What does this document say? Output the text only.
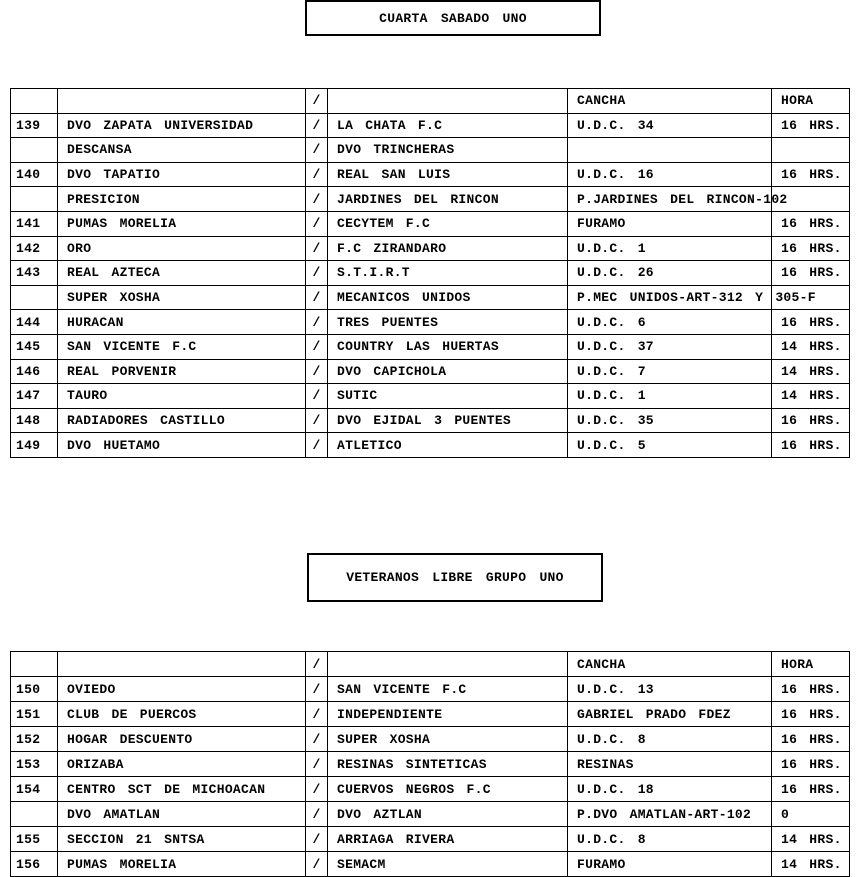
CUARTA SABADO UNO
		/		CANCHA	HORA
139	DVO ZAPATA UNIVERSIDAD	/	LA CHATA F.C	U.D.C. 34	16 HRS.
	DESCANSA	/	DVO TRINCHERAS		
140	DVO TAPATIO	/	REAL SAN LUIS	U.D.C. 16	16 HRS.
	PRESICION	/	JARDINES DEL RINCON	P.JARDINES DEL RINCON-102	
141	PUMAS MORELIA	/	CECYTEM F.C	FURAMO	16 HRS.
142	ORO	/	F.C ZIRANDARO	U.D.C. 1	16 HRS.
143	REAL AZTECA	/	S.T.I.R.T	U.D.C. 26	16 HRS.
	SUPER XOSHA	/	MECANICOS UNIDOS	P.MEC UNIDOS-ART-312 Y 305-F	
144	HURACAN	/	TRES PUENTES	U.D.C. 6	16 HRS.
145	SAN VICENTE F.C	/	COUNTRY LAS HUERTAS	U.D.C. 37	14 HRS.
146	REAL PORVENIR	/	DVO CAPICHOLA	U.D.C. 7	14 HRS.
147	TAURO	/	SUTIC	U.D.C. 1	14 HRS.
148	RADIADORES CASTILLO	/	DVO EJIDAL 3 PUENTES	U.D.C. 35	16 HRS.
149	DVO HUETAMO	/	ATLETICO	U.D.C. 5	16 HRS.
VETERANOS LIBRE GRUPO UNO
		/		CANCHA	HORA
150	OVIEDO	/	SAN VICENTE F.C	U.D.C. 13	16 HRS.
151	CLUB DE PUERCOS	/	INDEPENDIENTE	GABRIEL PRADO FDEZ	16 HRS.
152	HOGAR DESCUENTO	/	SUPER XOSHA	U.D.C. 8	16 HRS.
153	ORIZABA	/	RESINAS SINTETICAS	RESINAS	16 HRS.
154	CENTRO SCT DE MICHOACAN	/	CUERVOS NEGROS F.C	U.D.C. 18	16 HRS.
	DVO AMATLAN	/	DVO AZTLAN	P.DVO AMATLAN-ART-102	0
155	SECCION 21 SNTSA	/	ARRIAGA RIVERA	U.D.C. 8	14 HRS.
156	PUMAS MORELIA	/	SEMACM	FURAMO	14 HRS.
